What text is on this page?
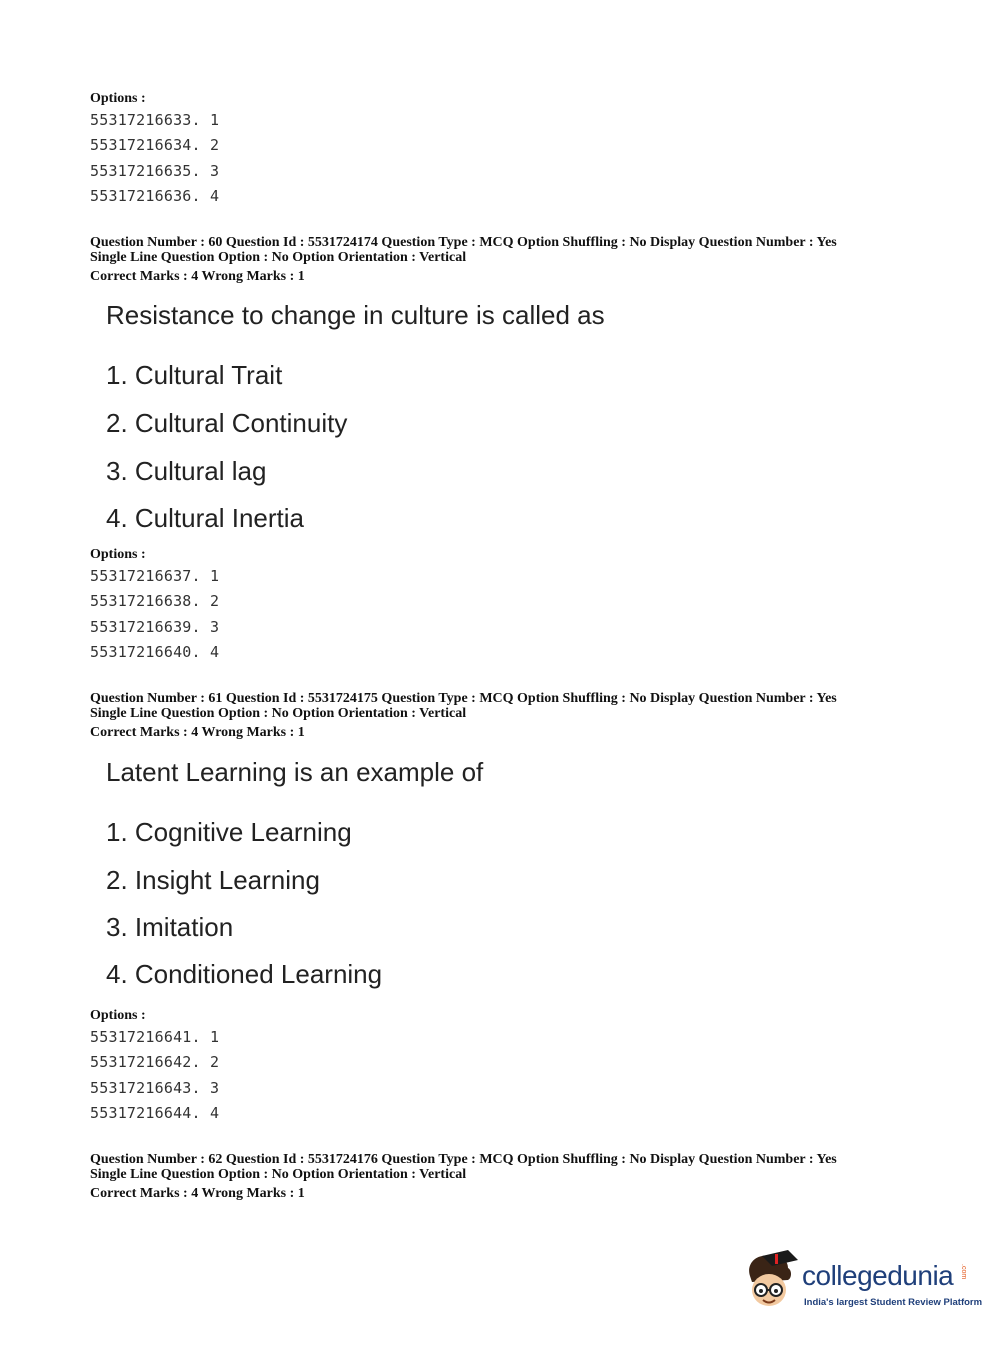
Options :
55317216633. 1
55317216634. 2
55317216635. 3
55317216636. 4
Question Number : 60 Question Id : 5531724174 Question Type : MCQ Option Shuffling : No Display Question Number : Yes
Single Line Question Option : No Option Orientation : Vertical
Correct Marks : 4 Wrong Marks : 1

Resistance to change in culture is called as

1. Cultural Trait

2. Cultural Continuity

3. Cultural lag

4. Cultural Inertia

Options :
55317216637. 1
55317216638. 2
55317216639. 3
55317216640. 4
Question Number : 61 Question Id : 5531724175 Question Type : MCQ Option Shuffling : No Display Question Number : Yes
Single Line Question Option : No Option Orientation : Vertical
Correct Marks : 4 Wrong Marks : 1

Latent Learning is an example of

1. Cognitive Learning

2. Insight Learning

3. Imitation

4. Conditioned Learning

Options :
55317216641. 1
55317216642. 2
55317216643. 3
55317216644. 4
Question Number : 62 Question Id : 5531724176 Question Type : MCQ Option Shuffling : No Display Question Number : Yes
Single Line Question Option : No Option Orientation : Vertical
Correct Marks : 4 Wrong Marks : 1
collegedunia .com
India's largest Student Review Platform
